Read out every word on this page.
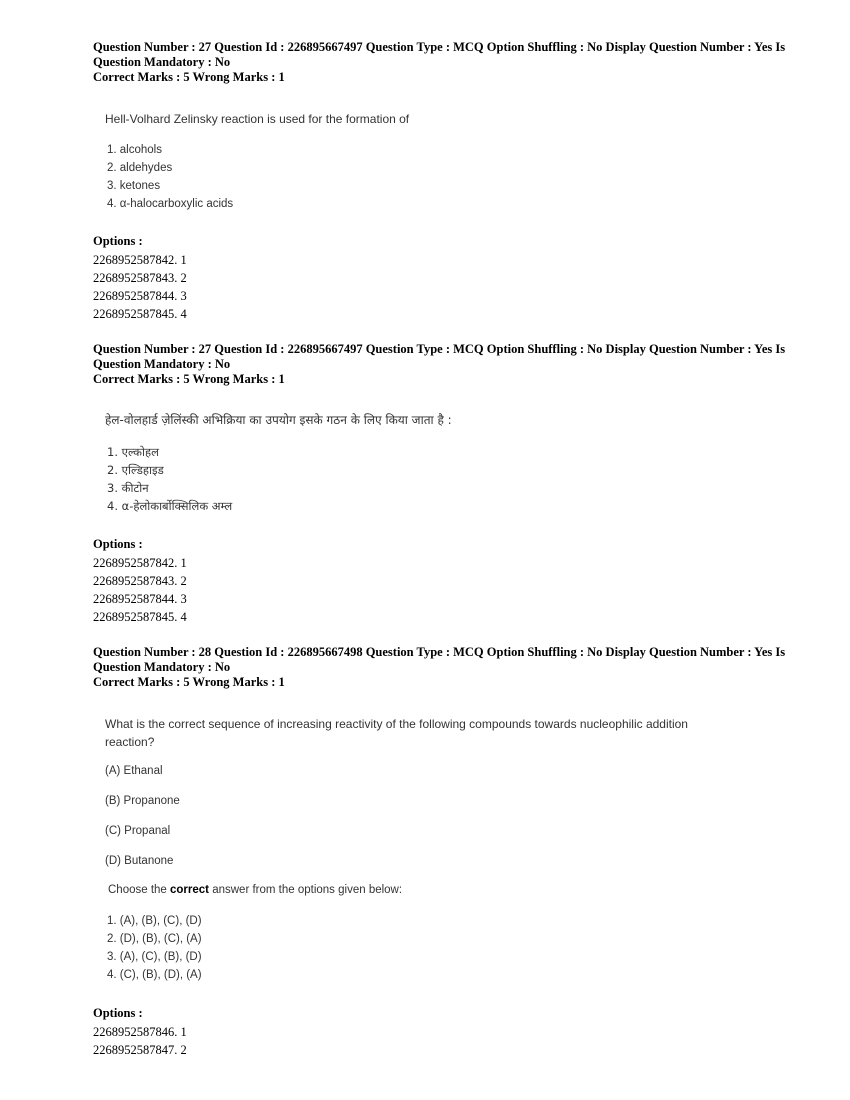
Question Number : 27 Question Id : 226895667497 Question Type : MCQ Option Shuffling : No Display Question Number : Yes Is
Question Mandatory : No
Correct Marks : 5 Wrong Marks : 1
Hell-Volhard Zelinsky reaction is used for the formation of
1. alcohols
2. aldehydes
3. ketones
4. α-halocarboxylic acids
Options :
2268952587842. 1
2268952587843. 2
2268952587844. 3
2268952587845. 4
Question Number : 27 Question Id : 226895667497 Question Type : MCQ Option Shuffling : No Display Question Number : Yes Is
Question Mandatory : No
Correct Marks : 5 Wrong Marks : 1
हेल-वोलहार्ड ज़ेलिंस्की अभिक्रिया का उपयोग इसके गठन के लिए किया जाता है :
1. एल्कोहल
2. एल्डिहाइड
3. कीटोन
4. α-हेलोकार्बोक्सिलिक अम्ल
Options :
2268952587842. 1
2268952587843. 2
2268952587844. 3
2268952587845. 4
Question Number : 28 Question Id : 226895667498 Question Type : MCQ Option Shuffling : No Display Question Number : Yes Is
Question Mandatory : No
Correct Marks : 5 Wrong Marks : 1
What is the correct sequence of increasing reactivity of the following compounds towards nucleophilic addition
reaction?
(A) Ethanal
(B) Propanone
(C) Propanal
(D) Butanone
Choose the correct answer from the options given below:
1. (A), (B), (C), (D)
2. (D), (B), (C), (A)
3. (A), (C), (B), (D)
4. (C), (B), (D), (A)
Options :
2268952587846. 1
2268952587847. 2
